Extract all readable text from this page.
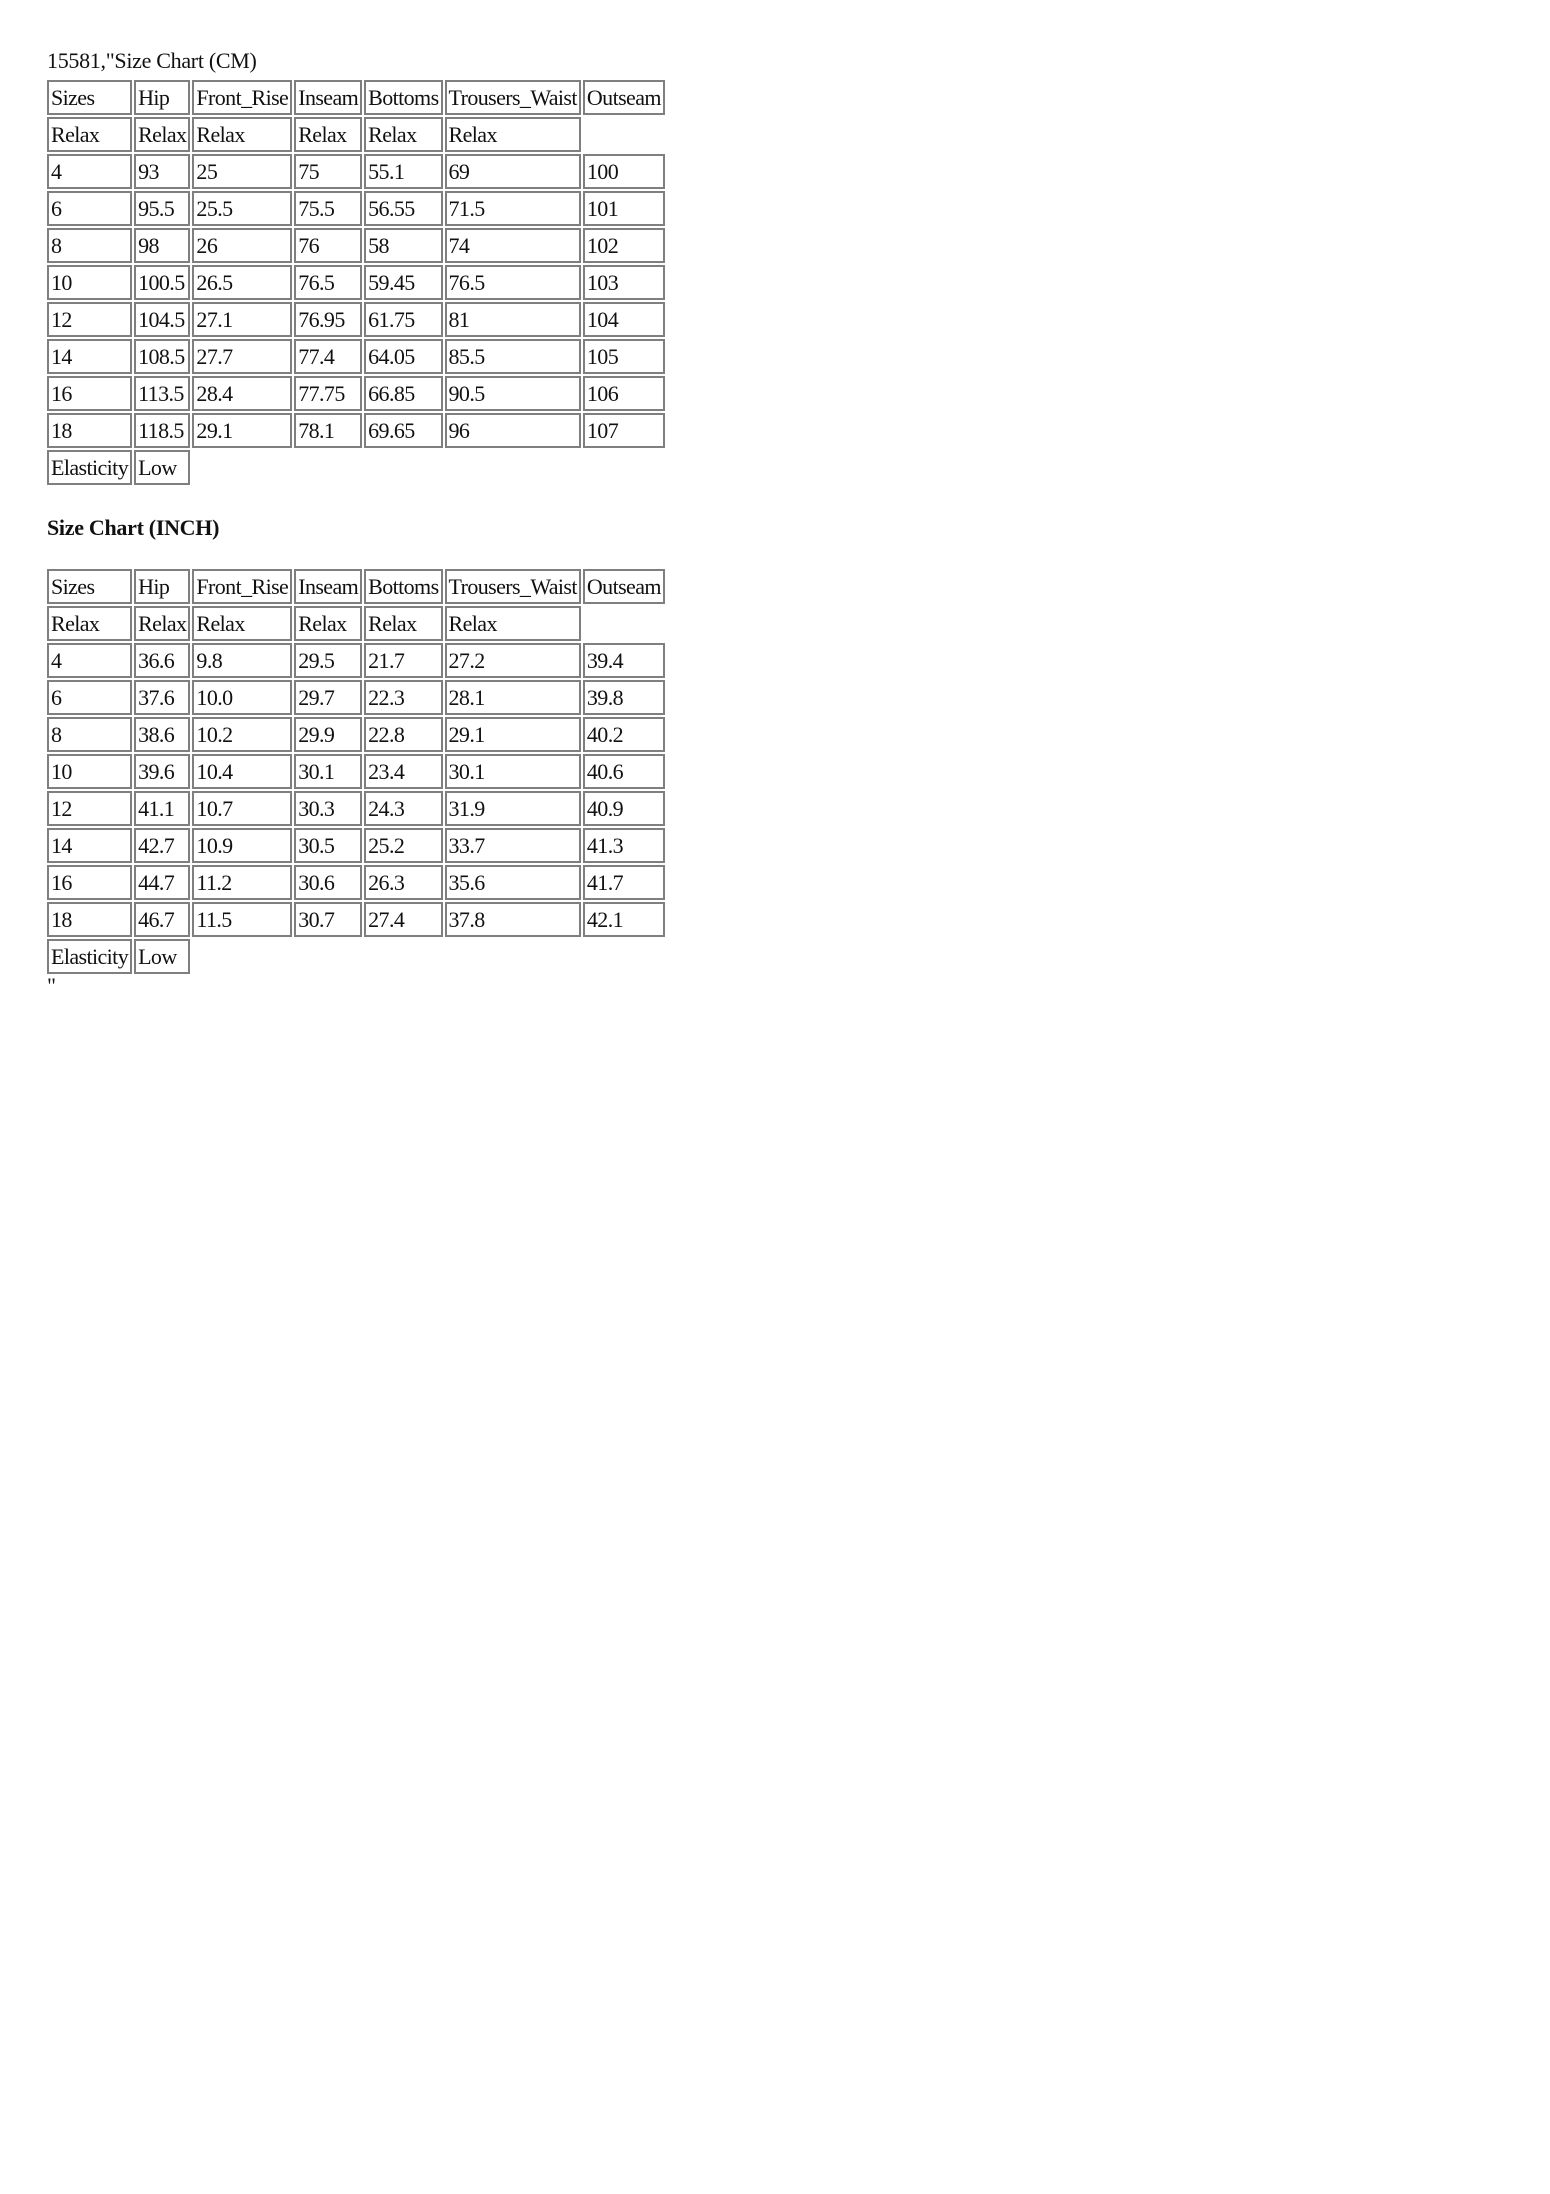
15581,"Size Chart (CM)
Sizes	Hip	Front_Rise	Inseam	Bottoms	Trousers_Waist	Outseam
Relax	Relax	Relax	Relax	Relax	Relax	
4	93	25	75	55.1	69	100
6	95.5	25.5	75.5	56.55	71.5	101
8	98	26	76	58	74	102
10	100.5	26.5	76.5	59.45	76.5	103
12	104.5	27.1	76.95	61.75	81	104
14	108.5	27.7	77.4	64.05	85.5	105
16	113.5	28.4	77.75	66.85	90.5	106
18	118.5	29.1	78.1	69.65	96	107
Elasticity	Low					
Size Chart (INCH)
Sizes	Hip	Front_Rise	Inseam	Bottoms	Trousers_Waist	Outseam
Relax	Relax	Relax	Relax	Relax	Relax	
4	36.6	9.8	29.5	21.7	27.2	39.4
6	37.6	10.0	29.7	22.3	28.1	39.8
8	38.6	10.2	29.9	22.8	29.1	40.2
10	39.6	10.4	30.1	23.4	30.1	40.6
12	41.1	10.7	30.3	24.3	31.9	40.9
14	42.7	10.9	30.5	25.2	33.7	41.3
16	44.7	11.2	30.6	26.3	35.6	41.7
18	46.7	11.5	30.7	27.4	37.8	42.1
Elasticity	Low					
"
